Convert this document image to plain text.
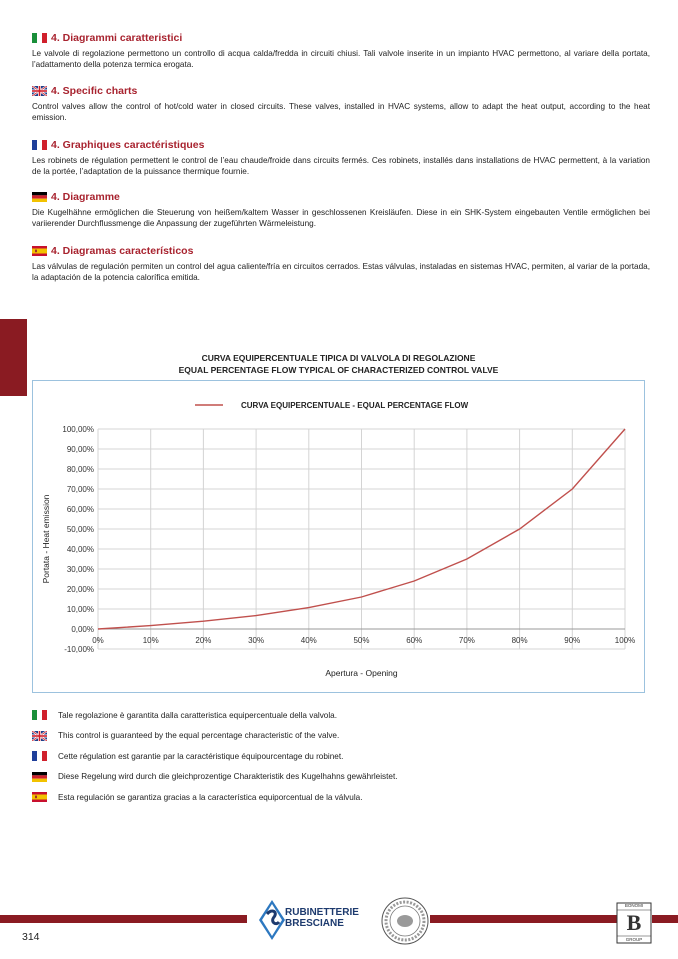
4. Diagrammi caratteristici
Le valvole di regolazione permettono un controllo di acqua calda/fredda in circuiti chiusi. Tali valvole inserite in un impianto HVAC permettono, al variare della portata, l’adattamento della potenza termica erogata.
4. Specific charts
Control valves allow the control of hot/cold water in closed circuits. These valves, installed in HVAC systems, allow to adapt the heat output, according to the heat emission.
4. Graphiques caractéristiques
Les robinets de régulation permettent le control de l’eau chaude/froide dans circuits fermés. Ces robinets, installés dans installations de HVAC permettent, à la variation de la portée, l’adaptation de la puissance thermique fournie.
4. Diagramme
Die Kugelhähne ermöglichen die Steuerung von heißem/kaltem Wasser in geschlossenen Kreisläufen. Diese in ein SHK-System eingebauten Ventile ermöglichen bei variierender Durchflussmenge die Anpassung der zugeführten Wärmeleistung.
4. Diagramas característicos
Las válvulas de regulación permiten un control del agua caliente/fría en circuitos cerrados. Estas válvulas, instaladas en sistemas HVAC, permiten, al variar de la portada, la adaptación de la potencia calorífica emitida.
CURVA EQUIPERCENTUALE TIPICA DI VALVOLA DI REGOLAZIONE
EQUAL PERCENTAGE FLOW TYPICAL OF CHARACTERIZED CONTROL VALVE
-10,00%
0,00%
10,00%
20,00%
30,00%
40,00%
50,00%
60,00%
70,00%
80,00%
90,00%
100,00%
0%	10%	20%	30%	40%	50%	60%	70%	80%	90%	100%
CURVA EQUIPERCENTUALE - EQUAL PERCENTAGE FLOW
Apertura - Opening
Portata - Heat emission
Tale regolazione è garantita dalla caratteristica equipercentuale della valvola.
This control is guaranteed by the equal percentage characteristic of the valve.
Cette régulation est garantie par la caractéristique équipourcentage du robinet.
Diese Regelung wird durch die gleichprozentige Charakteristik des Kugelhahns gewährleistet.
Esta regulación se garantiza gracias a la característica equiporcentual de la válvula.
314
RUBINETTERIE
BRESCIANE
BONOMI
B
GROUP
